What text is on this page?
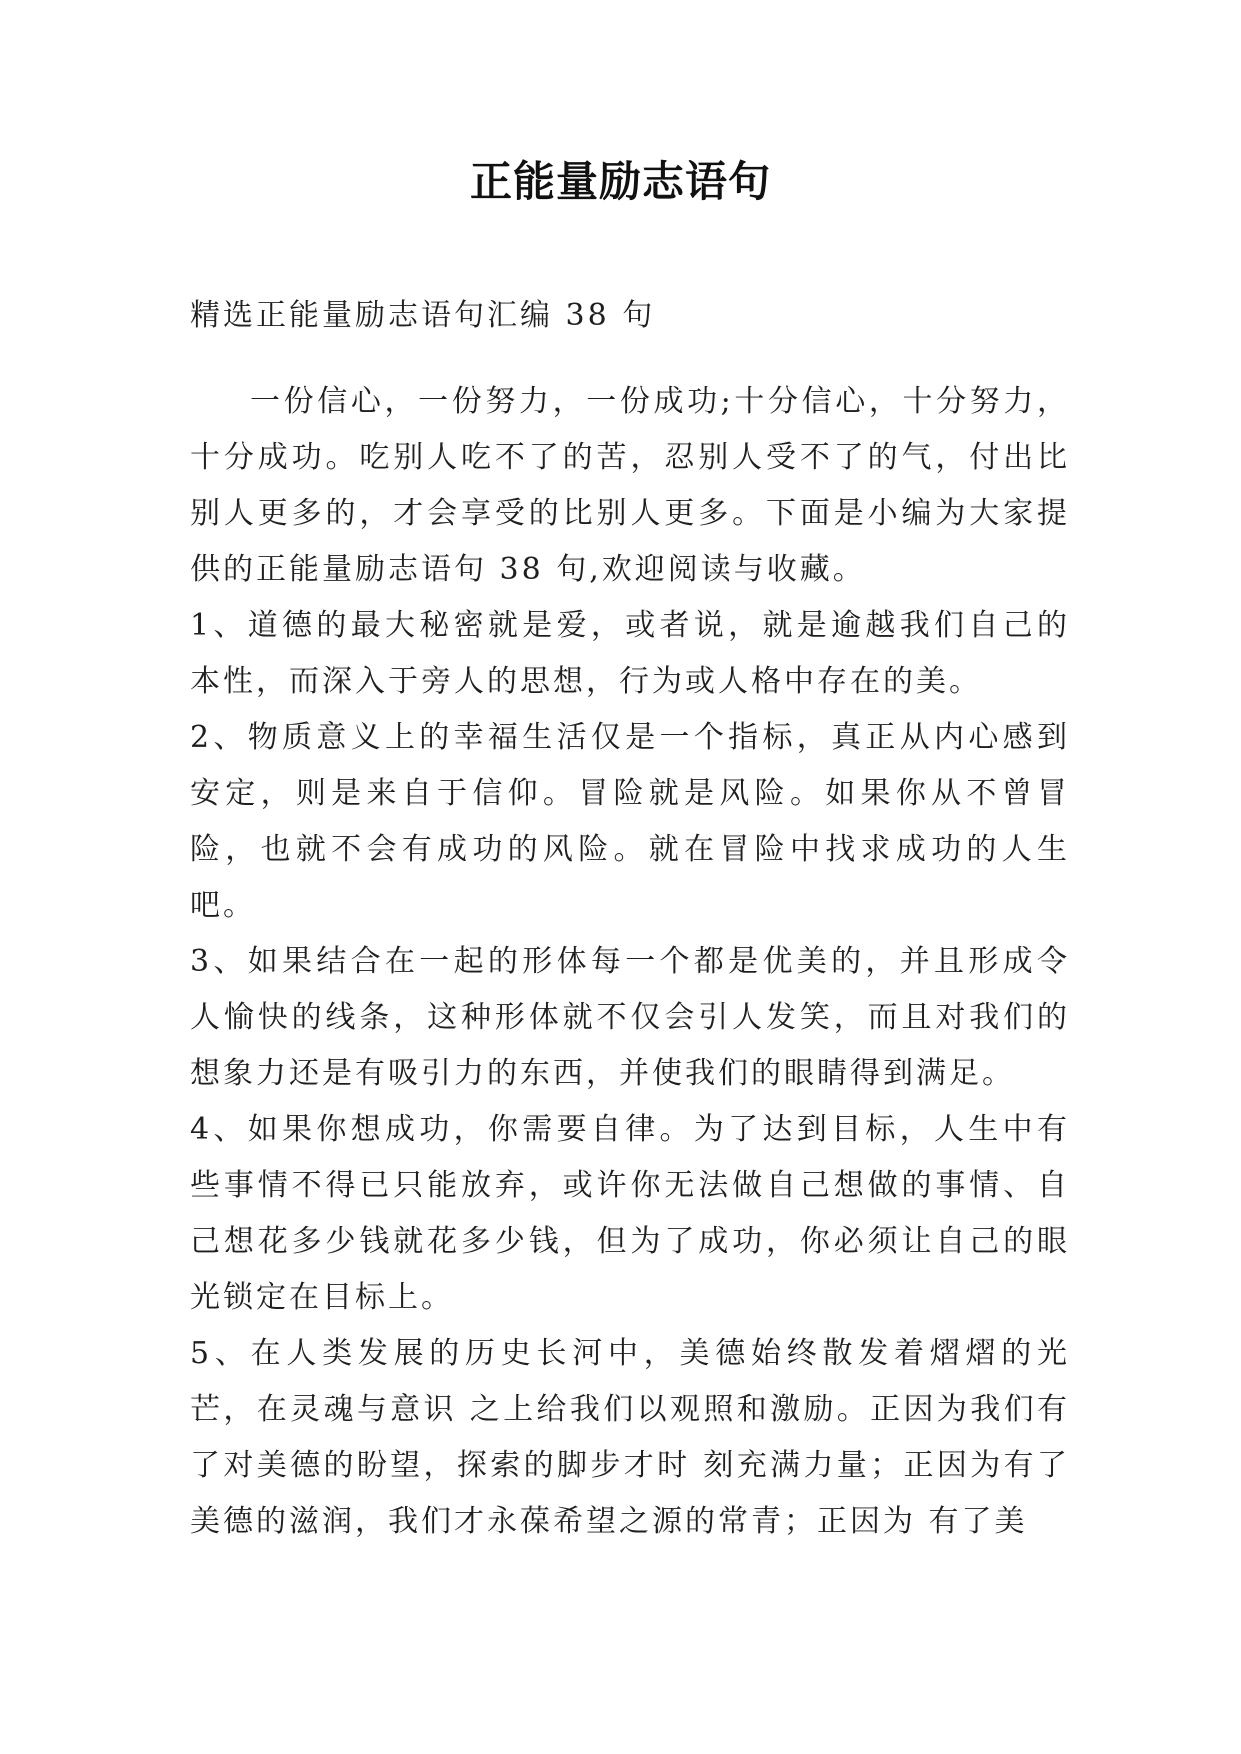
正能量励志语句

精选正能量励志语句汇编 38 句

一份信心，一份努力，一份成功;十分信心，十分努力，十分成功。吃别人吃不了的苦，忍别人受不了的气，付出比别人更多的，才会享受的比别人更多。下面是小编为大家提供的正能量励志语句 38 句,欢迎阅读与收藏。

1、道德的最大秘密就是爱，或者说，就是逾越我们自己的本性，而深入于旁人的思想，行为或人格中存在的美。

2、物质意义上的幸福生活仅是一个指标，真正从内心感到安定，则是来自于信仰。冒险就是风险。如果你从不曾冒险，也就不会有成功的风险。就在冒险中找求成功的人生吧。

3、如果结合在一起的形体每一个都是优美的，并且形成令人愉快的线条，这种形体就不仅会引人发笑，而且对我们的想象力还是有吸引力的东西，并使我们的眼睛得到满足。

4、如果你想成功，你需要自律。为了达到目标，人生中有些事情不得已只能放弃，或许你无法做自己想做的事情、自己想花多少钱就花多少钱，但为了成功，你必须让自己的眼光锁定在目标上。

5、在人类发展的历史长河中，美德始终散发着熠熠的光芒，在灵魂与意识 之上给我们以观照和激励。正因为我们有了对美德的盼望，探索的脚步才时 刻充满力量；正因为有了美德的滋润，我们才永葆希望之源的常青；正因为 有了美
